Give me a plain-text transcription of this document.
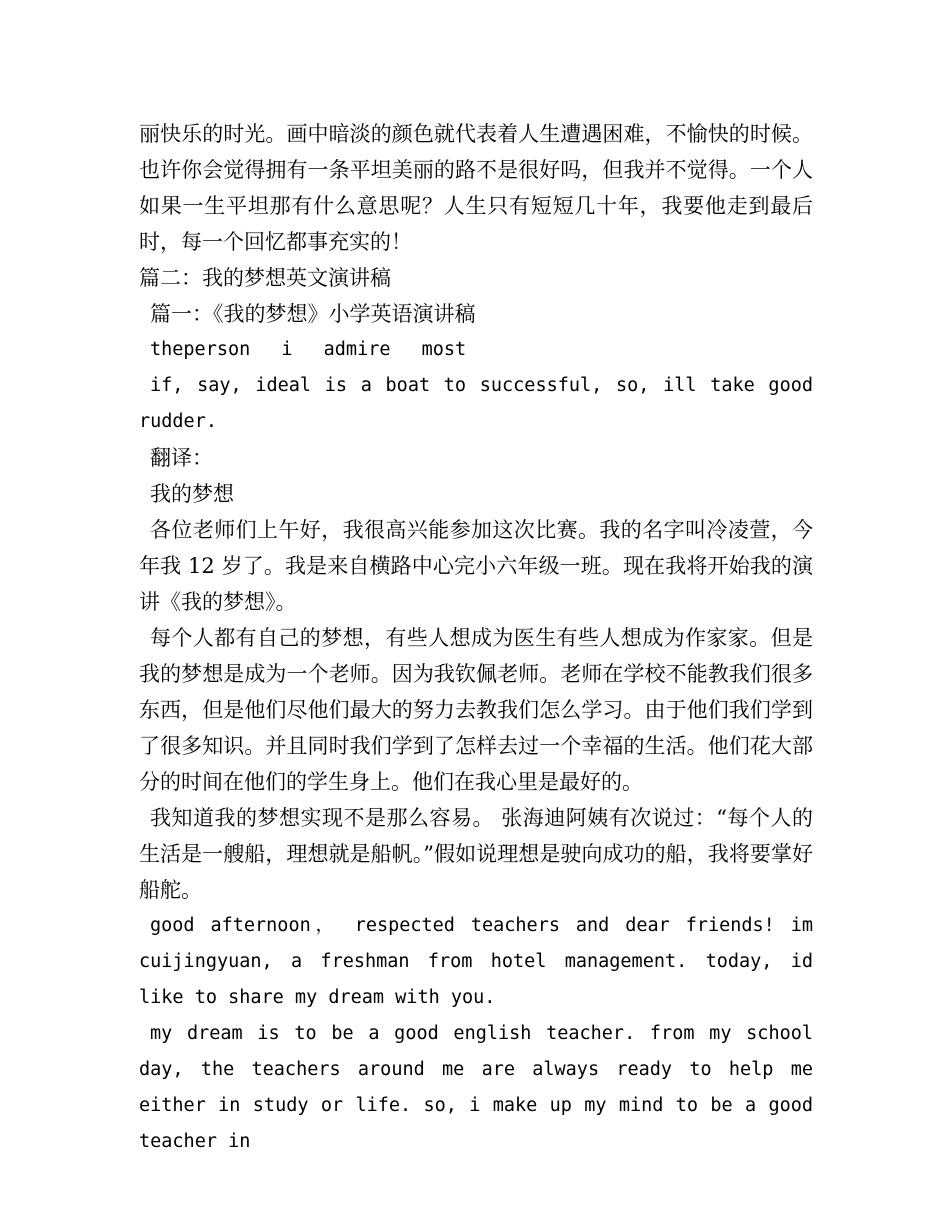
丽快乐的时光。画中暗淡的颜色就代表着人生遭遇困难，不愉快的时候。也许你会觉得拥有一条平坦美丽的路不是很好吗，但我并不觉得。一个人如果一生平坦那有什么意思呢？人生只有短短几十年，我要他走到最后时，每一个回忆都事充实的！

篇二：我的梦想英文演讲稿

篇一：《我的梦想》小学英语演讲稿

theperson i admire most

if, say, ideal is a boat to successful, so, ill take good rudder.

翻译：

我的梦想

各位老师们上午好，我很高兴能参加这次比赛。我的名字叫冷凌萱，今年我 12 岁了。我是来自横路中心完小六年级一班。现在我将开始我的演讲《我的梦想》。

每个人都有自己的梦想，有些人想成为医生有些人想成为作家家。但是我的梦想是成为一个老师。因为我钦佩老师。老师在学校不能教我们很多东西，但是他们尽他们最大的努力去教我们怎么学习。由于他们我们学到了很多知识。并且同时我们学到了怎样去过一个幸福的生活。他们花大部分的时间在他们的学生身上。他们在我心里是最好的。

我知道我的梦想实现不是那么容易。 张海迪阿姨有次说过：“每个人的生活是一艘船，理想就是船帆。”假如说理想是驶向成功的船，我将要掌好船舵。

good afternoon， respected teachers and dear friends! im cuijingyuan, a freshman from hotel management. today, id like to share my dream with you.

my dream is to be a good english teacher. from my school day, the teachers around me are always ready to help me either in study or life. so, i make up my mind to be a good teacher in
